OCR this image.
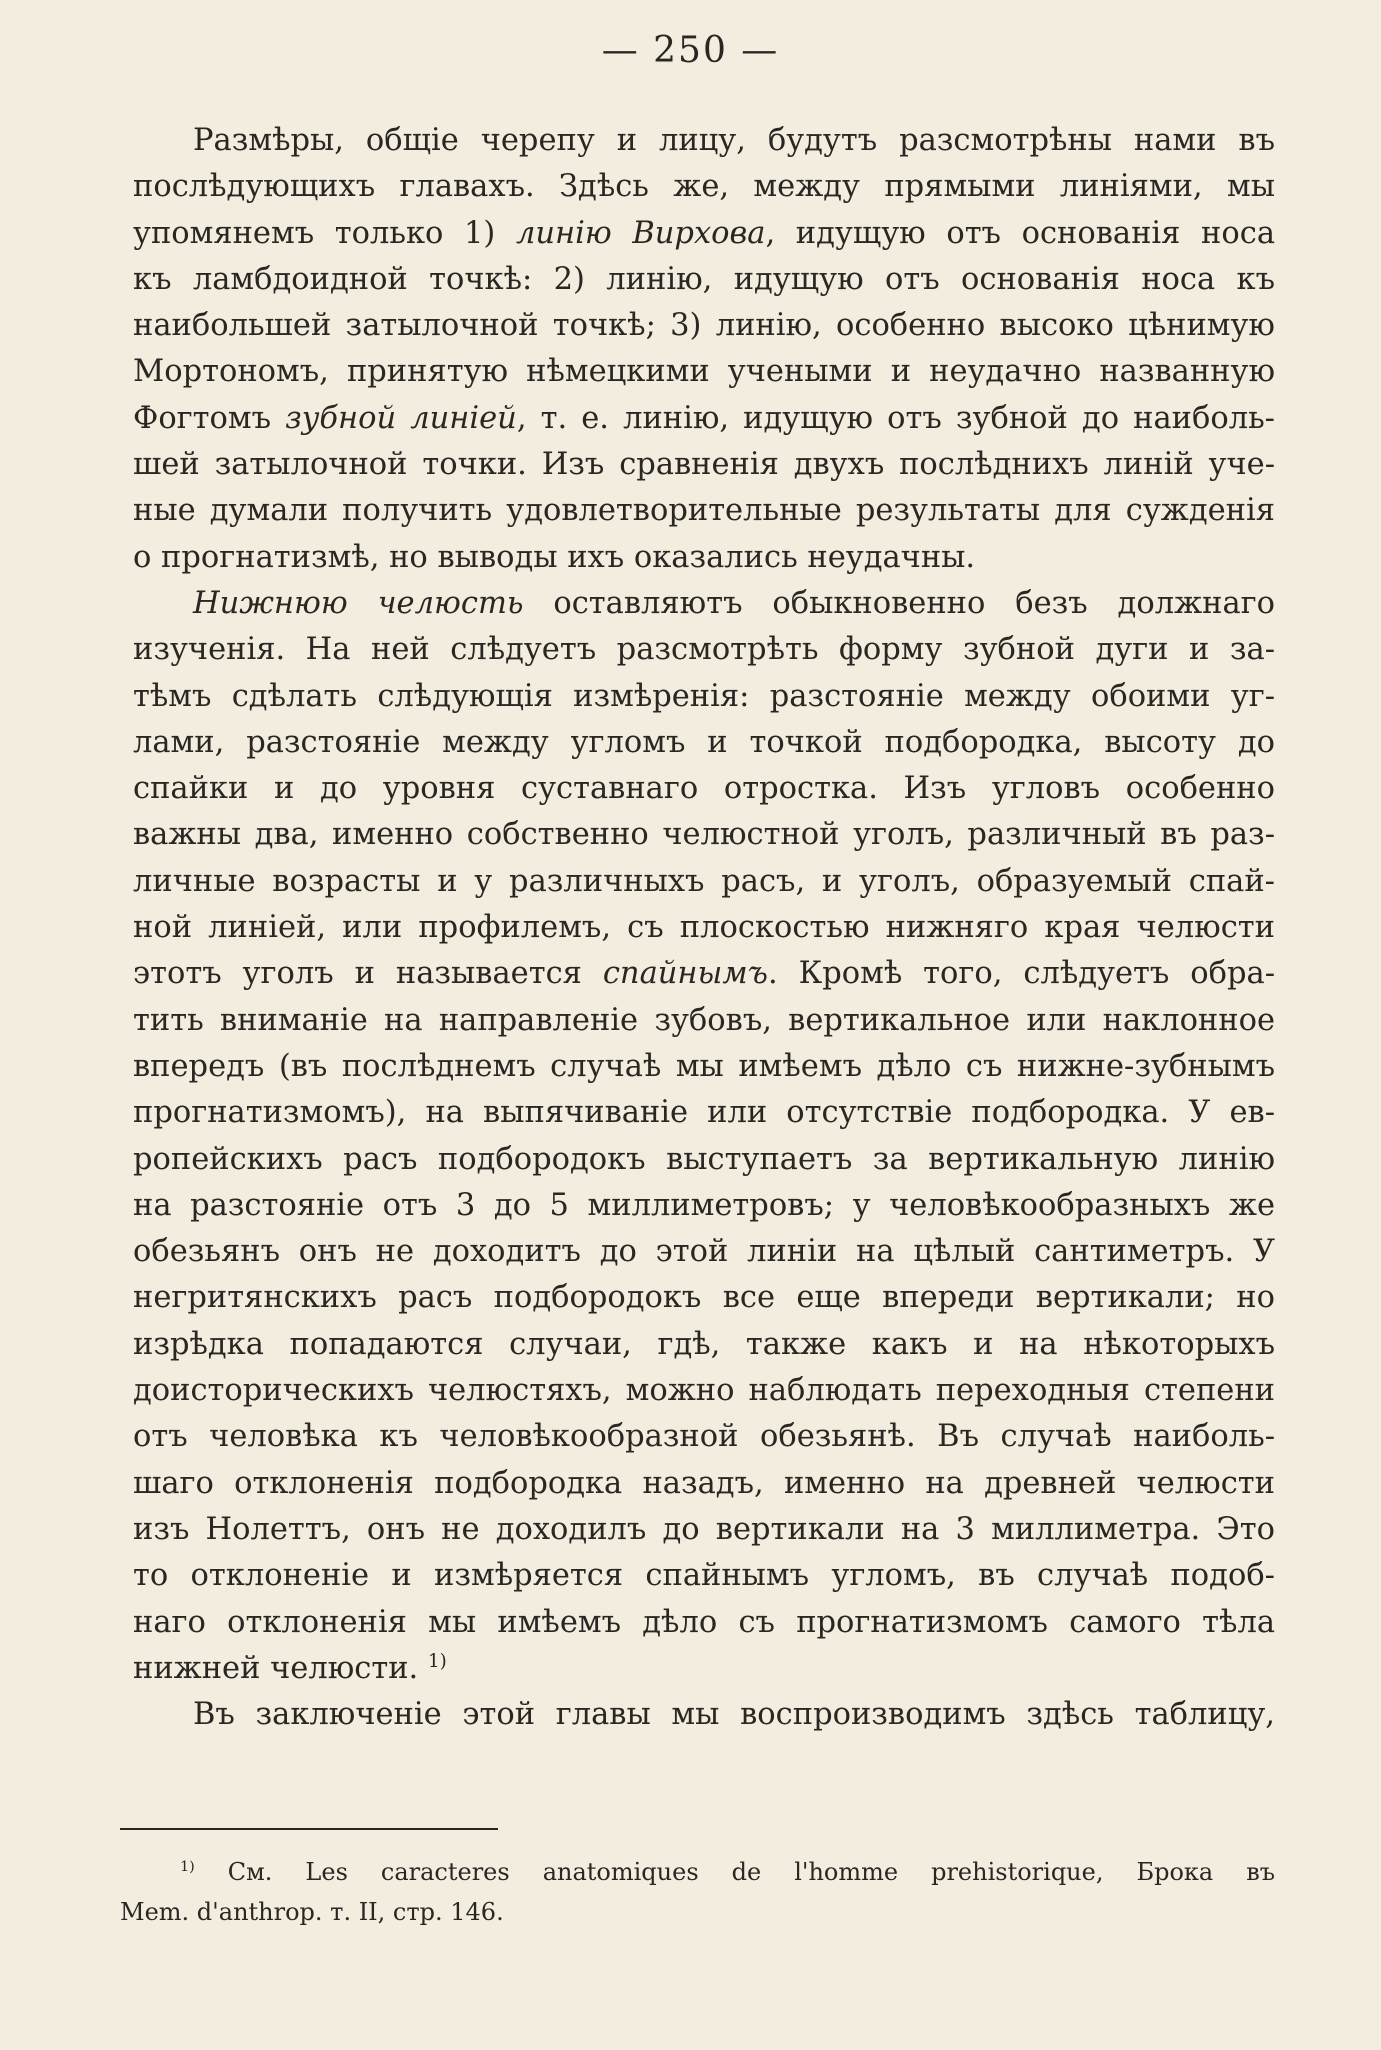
— 250 —

Размѣры, общіе черепу и лицу, будутъ разсмотрѣны нами въ
послѣдующихъ главахъ. Здѣсь же, между прямыми линіями, мы
упомянемъ только 1) линію Вирхова, идущую отъ основанія носа
къ ламбдоидной точкѣ: 2) линію, идущую отъ основанія носа къ
наибольшей затылочной точкѣ; 3) линію, особенно высоко цѣнимую
Мортономъ, принятую нѣмецкими учеными и неудачно названную
Фогтомъ зубной линіей, т. е. линію, идущую отъ зубной до наиболь-
шей затылочной точки. Изъ сравненія двухъ послѣднихъ линій уче-
ные думали получить удовлетворительные результаты для сужденія
о прогнатизмѣ, но выводы ихъ оказались неудачны.

Нижнюю челюсть оставляютъ обыкновенно безъ должнаго
изученія. На ней слѣдуетъ разсмотрѣть форму зубной дуги и за-
тѣмъ сдѣлать слѣдующія измѣренія: разстояніе между обоими уг-
лами, разстояніе между угломъ и точкой подбородка, высоту до
спайки и до уровня суставнаго отростка. Изъ угловъ особенно
важны два, именно собственно челюстной уголъ, различный въ раз-
личные возрасты и у различныхъ расъ, и уголъ, образуемый спай-
ной линіей, или профилемъ, съ плоскостью нижняго края челюсти
этотъ уголъ и называется спайнымъ. Кромѣ того, слѣдуетъ обра-
тить вниманіе на направленіе зубовъ, вертикальное или наклонное
впередъ (въ послѣднемъ случаѣ мы имѣемъ дѣло съ нижне-зубнымъ
прогнатизмомъ), на выпячиваніе или отсутствіе подбородка. У ев-
ропейскихъ расъ подбородокъ выступаетъ за вертикальную линію
на разстояніе отъ 3 до 5 миллиметровъ; у человѣкообразныхъ же
обезьянъ онъ не доходитъ до этой линіи на цѣлый сантиметръ. У
негритянскихъ расъ подбородокъ все еще впереди вертикали; но
изрѣдка попадаются случаи, гдѣ, также какъ и на нѣкоторыхъ
доисторическихъ челюстяхъ, можно наблюдать переходныя степени
отъ человѣка къ человѣкообразной обезьянѣ. Въ случаѣ наиболь-
шаго отклоненія подбородка назадъ, именно на древней челюсти
изъ Нолеттъ, онъ не доходилъ до вертикали на 3 миллиметра. Это
то отклоненіе и измѣряется спайнымъ угломъ, въ случаѣ подоб-
наго отклоненія мы имѣемъ дѣло съ прогнатизмомъ самого тѣла
нижней челюсти. $^{1)}$

Въ заключеніе этой главы мы воспроизводимъ здѣсь таблицу,

$^{1)}$ См. Les caracteres anatomiques de l'homme prehistorique, Брока въ
Mem. d'anthrop. т. II, стр. 146.
